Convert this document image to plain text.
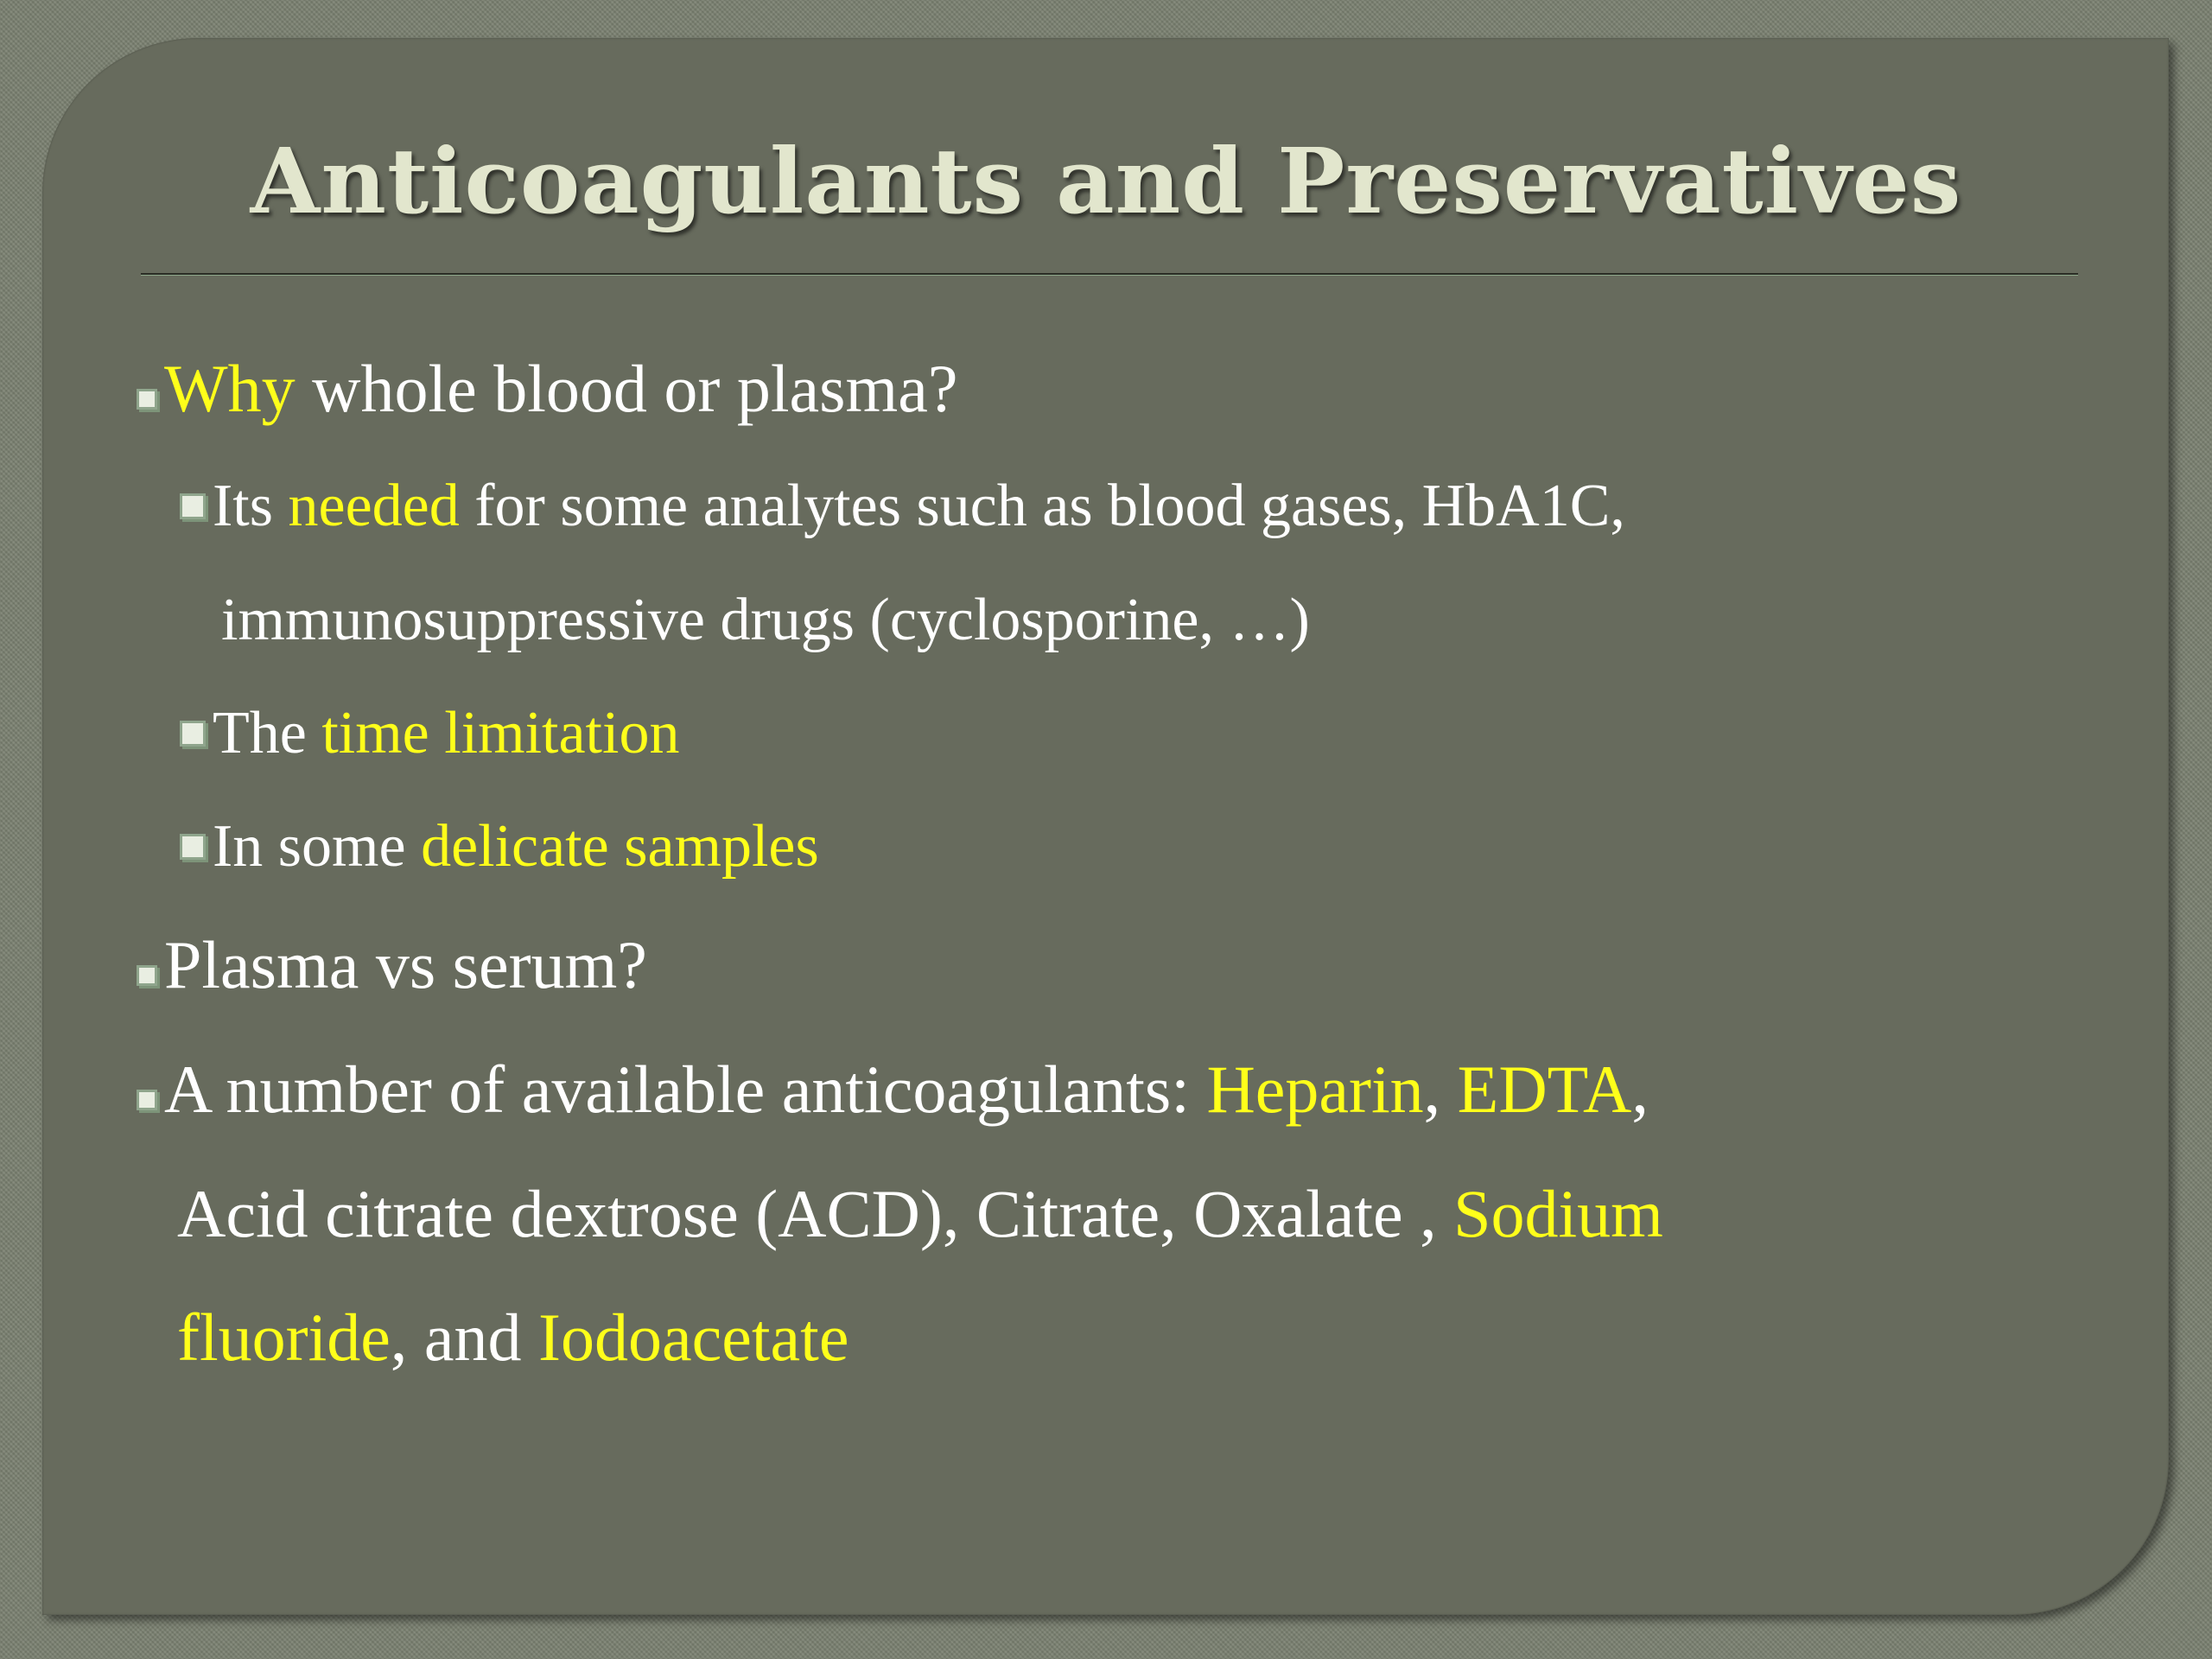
Anticoagulants and Preservatives
Why whole blood or plasma?
Its needed for some analytes such as blood gases, HbA1C,
immunosuppressive drugs (cyclosporine, …)
The time limitation
In some delicate samples
Plasma vs serum?
A number of available anticoagulants: Heparin, EDTA,
Acid citrate dextrose (ACD), Citrate, Oxalate , Sodium
fluoride, and Iodoacetate
